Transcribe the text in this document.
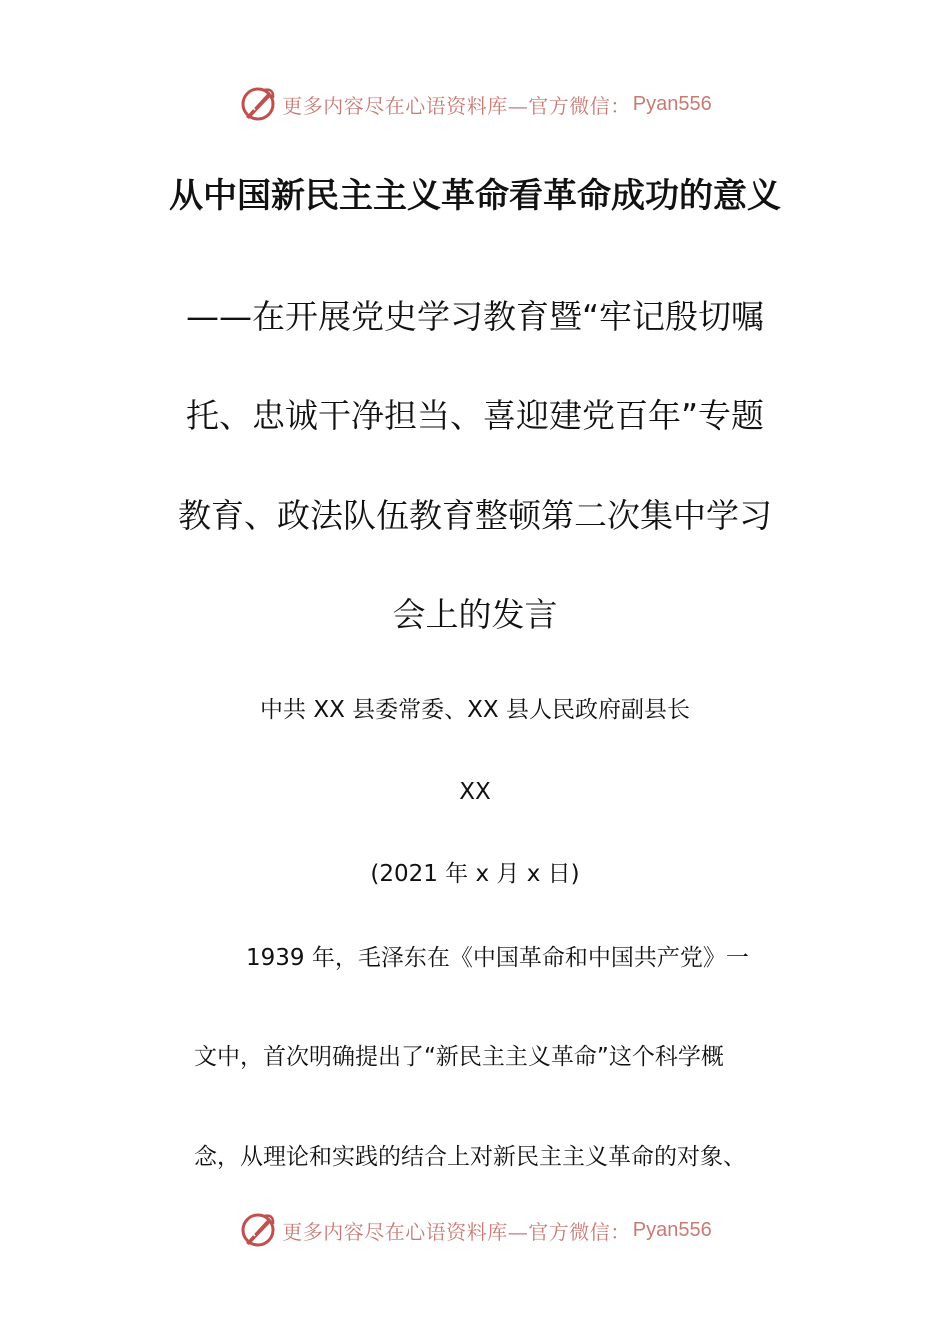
更多内容尽在心语资料库—官方微信： Pyan556
从中国新民主主义革命看革命成功的意义
——在开展党史学习教育暨“牢记殷切嘱
托、忠诚干净担当、喜迎建党百年”专题
教育、政法队伍教育整顿第二次集中学习
会上的发言
中共 XX 县委常委、XX 县人民政府副县长
XX
(2021 年 x 月 x 日)
1939 年，毛泽东在《中国革命和中国共产党》一
文中，首次明确提出了“新民主主义革命”这个科学概
念，从理论和实践的结合上对新民主主义革命的对象、
更多内容尽在心语资料库—官方微信： Pyan556
